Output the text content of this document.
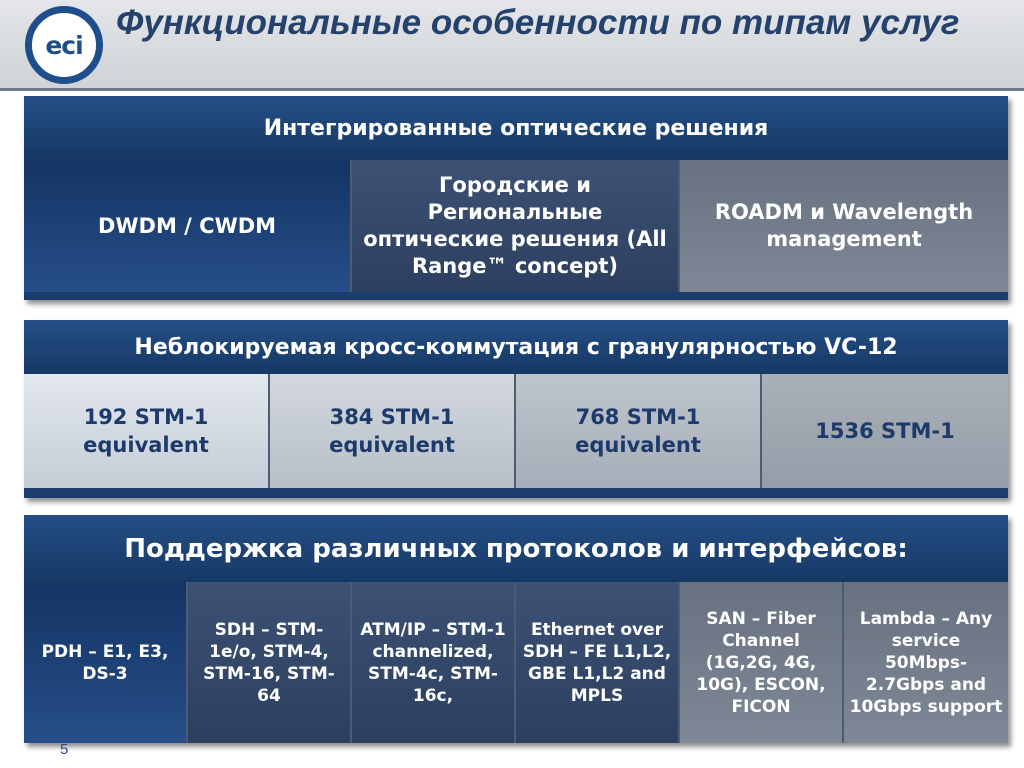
eci
Функциональные особенности по типам услуг
Интегрированные оптические решения
DWDM / CWDM
Городские и Региональные оптические решения (All Range™ concept)
ROADM и Wavelength management
Неблокируемая кросс-коммутация с гранулярностью VC-12
192 STM-1 equivalent
384 STM-1 equivalent
768 STM-1 equivalent
1536 STM-1
Поддержка различных протоколов и интерфейсов:
PDH – E1, E3, DS-3
SDH – STM-1e/o, STM-4, STM-16, STM-64
ATM/IP – STM-1 channelized, STM-4c, STM-16c,
Ethernet over SDH – FE L1,L2, GBE L1,L2 and MPLS
SAN – Fiber Channel (1G,2G, 4G, 10G), ESCON, FICON
Lambda – Any service 50Mbps-2.7Gbps and 10Gbps support
5
